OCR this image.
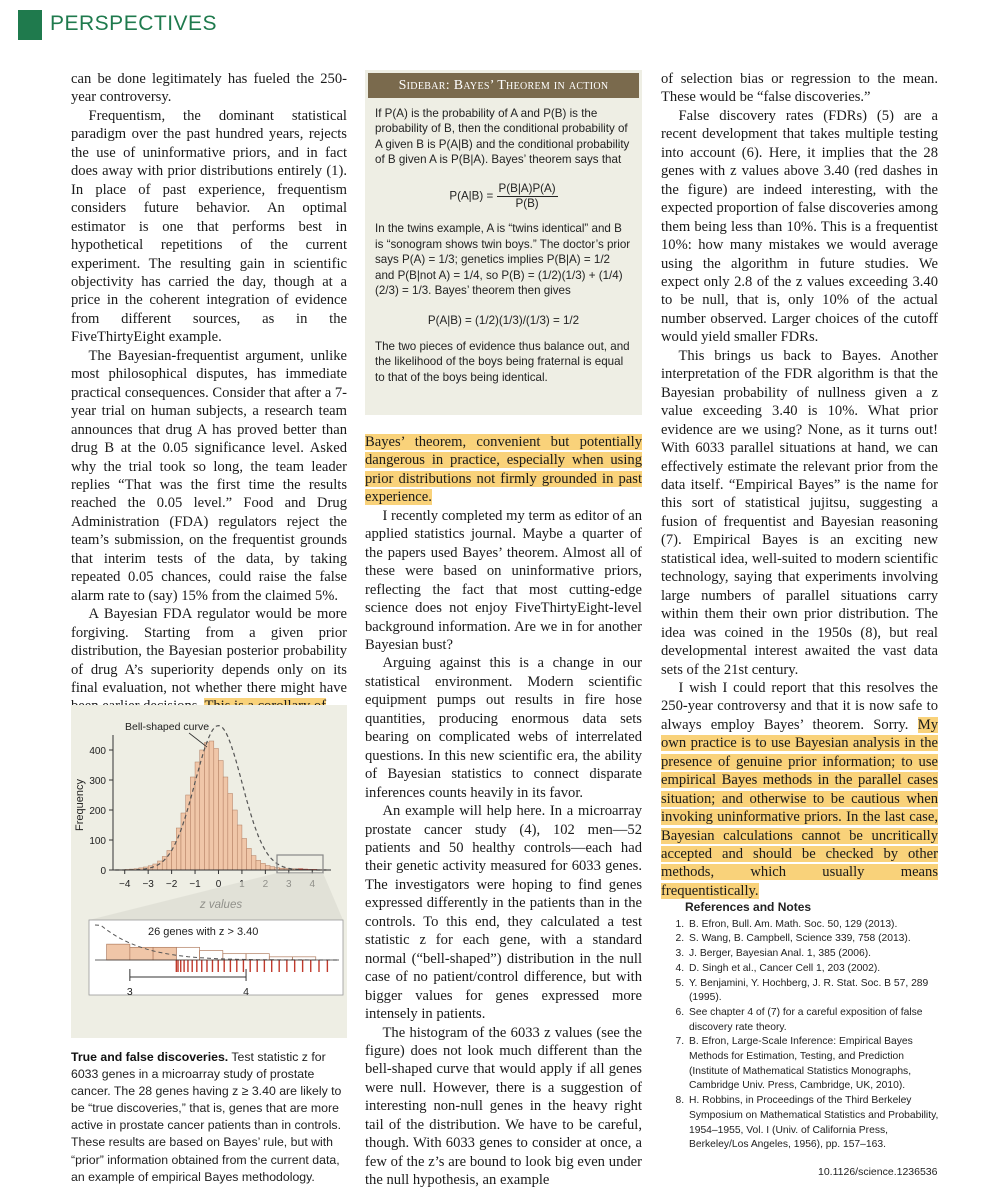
PERSPECTIVES

can be done legitimately has fueled the 250-year controversy.

Frequentism, the dominant statistical paradigm over the past hundred years, rejects the use of uninformative priors, and in fact does away with prior distributions entirely (1). In place of past experience, frequentism considers future behavior. An optimal estimator is one that performs best in hypothetical repetitions of the current experiment. The resulting gain in scientific objectivity has carried the day, though at a price in the coherent integration of evidence from different sources, as in the FiveThirtyEight example.

The Bayesian-frequentist argument, unlike most philosophical disputes, has immediate practical consequences. Consider that after a 7-year trial on human subjects, a research team announces that drug A has proved better than drug B at the 0.05 significance level. Asked why the trial took so long, the team leader replies “That was the first time the results reached the 0.05 level.” Food and Drug Administration (FDA) regulators reject the team’s submission, on the frequentist grounds that interim tests of the data, by taking repeated 0.05 chances, could raise the false alarm rate to (say) 15% from the claimed 5%.

A Bayesian FDA regulator would be more forgiving. Starting from a given prior distribution, the Bayesian posterior probability of drug A’s superiority depends only on its final evaluation, not whether there might have

Sidebar: Bayes’ Theorem in action

If P(A) is the probability of A and P(B) is the probability of B, then the conditional probability of A given B is P(A|B) and the conditional probability of B given A is P(B|A). Bayes’ theorem says that

$P(A|B) = \frac{P(B|A)P(A)}{P(B)}$

In the twins example, A is “twins identical” and B is “sonogram shows twin boys.” The doctor’s prior says P(A) = 1/3; genetics implies P(B|A) = 1/2 and P(B|not A) = 1/4, so P(B) = (1/2)(1/3) + (1/4)(2/3) = 1/3. Bayes’ theorem then gives

P(A|B) = (1/2)(1/3)/(1/3) = 1/2

The two pieces of evidence thus balance out, and the likelihood of the boys being fraternal is equal to that of the boys being identical.

Bayes’ theorem, convenient but potentially dangerous in practice, especially when using prior distributions not firmly grounded in past experience.

I recently completed my term as editor of an applied statistics journal. Maybe a quarter of the papers used Bayes’ theorem. Almost all of these were based on uninformative priors, reflecting the fact that most cutting-edge science does not enjoy FiveThirtyEight-level background information. Are we in for another Bayesian bust?

Arguing against this is a change in our statistical environment. Modern scientific equipment pumps out results in fire hose quantities, producing enormous data sets bearing on complicated webs of interrelated questions. In this new scientific era, the ability of Bayesian statistics to connect disparate inferences counts heavily in its favor.

An example will help here. In a microarray prostate cancer study (4), 102 men—52 patients and 50 healthy controls—each had their genetic activity measured for 6033 genes. The investigators were hoping to find genes expressed differently in the patients than in the controls. To this end, they calculated a test statistic z for each gene, with a standard normal (“bell-shaped”) distribution in the null case of no patient/control difference, but with bigger values for genes expressed more intensely in patients.

The histogram of the 6033 z values (see the figure) does not look much different than the bell-shaped curve that would apply if all genes were null. However, there is a suggestion of interesting non-null genes in the heavy right tail of the distribution. We have to be careful, though. With 6033 genes to consider at once, a few of the z’s are bound to look big even under the null hypothesis, an example

of selection bias or regression to the mean. These would be “false discoveries.”

False discovery rates (FDRs) (5) are a recent development that takes multiple testing into account (6). Here, it implies that the 28 genes with z values above 3.40 (red dashes in the figure) are indeed interesting, with the expected proportion of false discoveries among them being less than 10%. This is a frequentist 10%: how many mistakes we would average using the algorithm in future studies. We expect only 2.8 of the z values exceeding 3.40 to be null, that is, only 10% of the actual number observed. Larger choices of the cutoff would yield smaller FDRs.

This brings us back to Bayes. Another interpretation of the FDR algorithm is that the Bayesian probability of nullness given a z value exceeding 3.40 is 10%. What prior evidence are we using? None, as it turns out! With 6033 parallel situations at hand, we can effectively estimate the relevant prior from the data itself. “Empirical Bayes” is the name for this sort of statistical jujitsu, suggesting a fusion of frequentist and Bayesian reasoning (7). Empirical Bayes is an exciting new statistical idea, well-suited to modern scientific technology, saying that experiments involving large numbers of parallel situations carry within them their own prior distribution. The idea was coined in the 1950s (8), but real developmental interest awaited the vast data sets of the 21st century.

I wish I could report that this resolves the 250-year controversy and that it is now safe to always employ Bayes’ theorem. Sorry. My own practice is to use Bayesian analysis in the presence of genuine prior information; to use empirical Bayes methods in the parallel cases situation; and otherwise to be cautious when invoking uninformative priors. In the last case, Bayesian calculations cannot be uncritically accepted and should be checked by other methods, which usually means frequentistically.

0
100
200
300
400
−4 −3 −2 −1 0
Frequency
Bell-shaped curve
26 genes with z > 3.40
3	4
True and false discoveries. Test statistic z for 6033 genes in a microarray study of prostate cancer. The 28 genes having z ≥ 3.40 are likely to be “true discoveries,” that is, genes that are more active in prostate cancer patients than in controls. These results are based on Bayes’ rule, but with “prior” information obtained from the current data, an example of empirical Bayes methodology.
References and Notes
1. B. Efron, Bull. Am. Math. Soc. 50, 129 (2013).
2. S. Wang, B. Campbell, Science 339, 758 (2013).
3. J. Berger, Bayesian Anal. 1, 385 (2006).
4. D. Singh et al., Cancer Cell 1, 203 (2002).
5. Y. Benjamini, Y. Hochberg, J. R. Stat. Soc. B 57, 289 (1995).
6. See chapter 4 of (7) for a careful exposition of false discovery rate theory.
7. B. Efron, Large-Scale Inference: Empirical Bayes Methods for Estimation, Testing, and Prediction (Institute of Mathematical Statistics Monographs, Cambridge Univ. Press, Cambridge, UK, 2010).
8. H. Robbins, in Proceedings of the Third Berkeley Symposium on Mathematical Statistics and Probability, 1954–1955, Vol. I (Univ. of California Press, Berkeley/Los Angeles, 1956), pp. 157–163.
10.1126/science.1236536
